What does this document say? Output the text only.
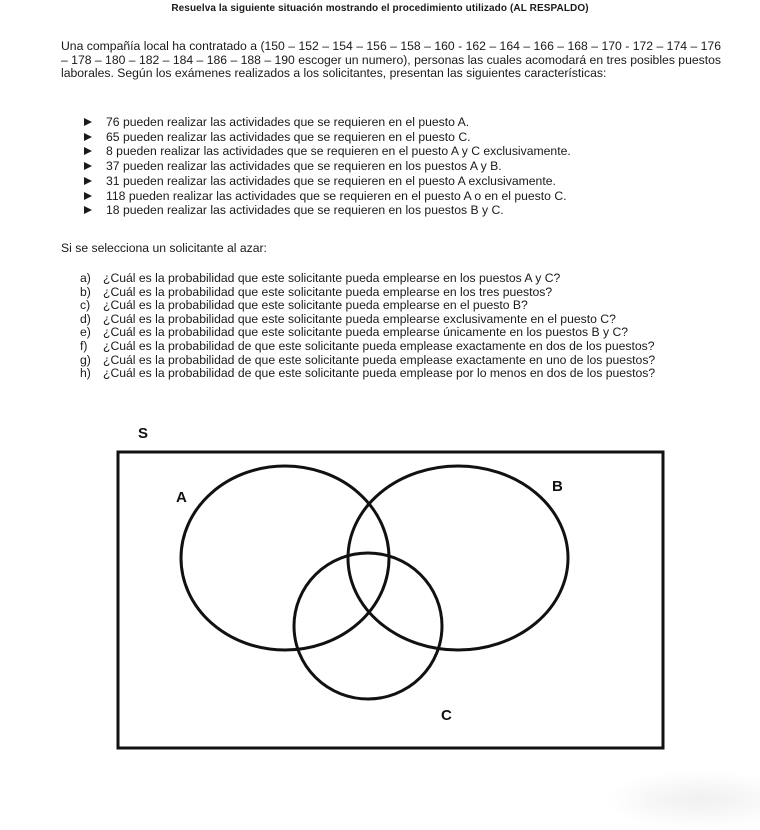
Resuelva la siguiente situación mostrando el procedimiento utilizado (AL RESPALDO)
Una compañía local ha contratado a (150 – 152 – 154 – 156 – 158 – 160 - 162 – 164 – 166 – 168 – 170 - 172 – 174 – 176 – 178 – 180 – 182 – 184 – 186 – 188 – 190 escoger un numero), personas las cuales acomodará en tres posibles puestos laborales. Según los exámenes realizados a los solicitantes, presentan las siguientes características:
76 pueden realizar las actividades que se requieren en el puesto A.
65 pueden realizar las actividades que se requieren en el puesto C.
8 pueden realizar las actividades que se requieren en el puesto A y C exclusivamente.
37 pueden realizar las actividades que se requieren en los puestos A y B.
31 pueden realizar las actividades que se requieren en el puesto A exclusivamente.
118 pueden realizar las actividades que se requieren en el puesto A o en el puesto C.
18 pueden realizar las actividades que se requieren en los puestos B y C.
Si se selecciona un solicitante al azar:
a) ¿Cuál es la probabilidad que este solicitante pueda emplearse en los puestos A y C?
b) ¿Cuál es la probabilidad que este solicitante pueda emplearse en los tres puestos?
c) ¿Cuál es la probabilidad que este solicitante pueda emplearse en el puesto B?
d) ¿Cuál es la probabilidad que este solicitante pueda emplearse exclusivamente en el puesto C?
e) ¿Cuál es la probabilidad que este solicitante pueda emplearse únicamente en los puestos B y C?
f) ¿Cuál es la probabilidad de que este solicitante pueda emplease exactamente en dos de los puestos?
g) ¿Cuál es la probabilidad de que este solicitante pueda emplease exactamente en uno de los puestos?
h) ¿Cuál es la probabilidad de que este solicitante pueda emplease por lo menos en dos de los puestos?
S
A
B
C
